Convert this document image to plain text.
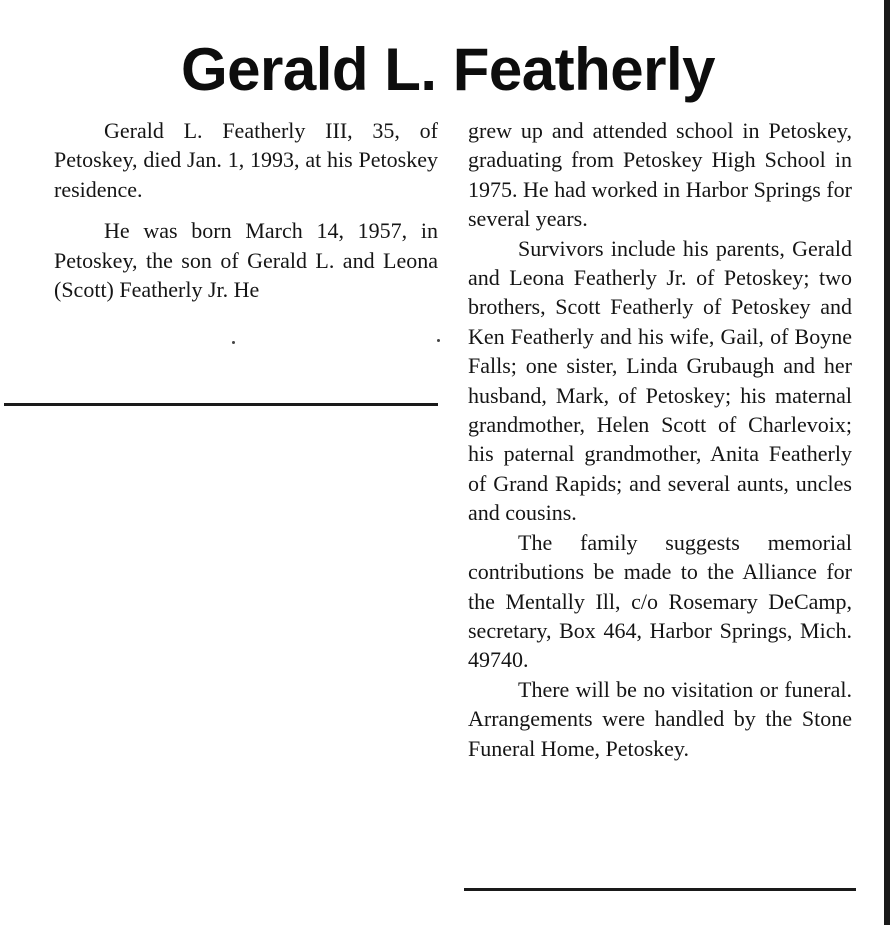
Gerald L. Featherly

Gerald L. Featherly III, 35, of Petoskey, died Jan. 1, 1993, at his Petoskey residence.

He was born March 14, 1957, in Petoskey, the son of Gerald L. and Leona (Scott) Featherly Jr. He

grew up and attended school in Petoskey, graduating from Petoskey High School in 1975. He had worked in Harbor Springs for several years.

Survivors include his parents, Gerald and Leona Featherly Jr. of Petoskey; two brothers, Scott Featherly of Petoskey and Ken Featherly and his wife, Gail, of Boyne Falls; one sister, Linda Grubaugh and her husband, Mark, of Petoskey; his maternal grandmother, Helen Scott of Charlevoix; his paternal grandmother, Anita Featherly of Grand Rapids; and several aunts, uncles and cousins.

The family suggests memorial contributions be made to the Alliance for the Mentally Ill, c/o Rosemary DeCamp, secretary, Box 464, Harbor Springs, Mich. 49740.

There will be no visitation or funeral. Arrangements were handled by the Stone Funeral Home, Petoskey.
